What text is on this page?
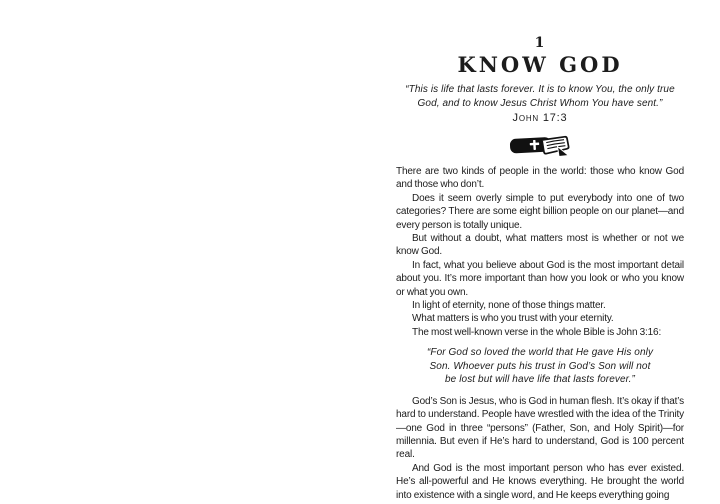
1
KNOW GOD
“This is life that lasts forever. It is to know You, the only true
God, and to know Jesus Christ Whom You have sent.”
John 17:3

There are two kinds of people in the world: those who know God and those who don’t.

Does it seem overly simple to put everybody into one of two categories? There are some eight billion people on our planet—and every person is totally unique.

But without a doubt, what matters most is whether or not we know God.

In fact, what you believe about God is the most important detail about you. It’s more important than how you look or who you know or what you own.

In light of eternity, none of those things matter.

What matters is who you trust with your eternity.

The most well-known verse in the whole Bible is John 3:16:

“For God so loved the world that He gave His only
Son. Whoever puts his trust in God’s Son will not
be lost but will have life that lasts forever.”

God’s Son is Jesus, who is God in human flesh. It’s okay if that’s hard to understand. People have wrestled with the idea of the Trinity—one God in three “persons” (Father, Son, and Holy Spirit)—for millennia. But even if He’s hard to understand, God is 100 percent real.

And God is the most important person who has ever existed. He’s all-powerful and He knows everything. He brought the world into existence with a single word, and He keeps everything going
